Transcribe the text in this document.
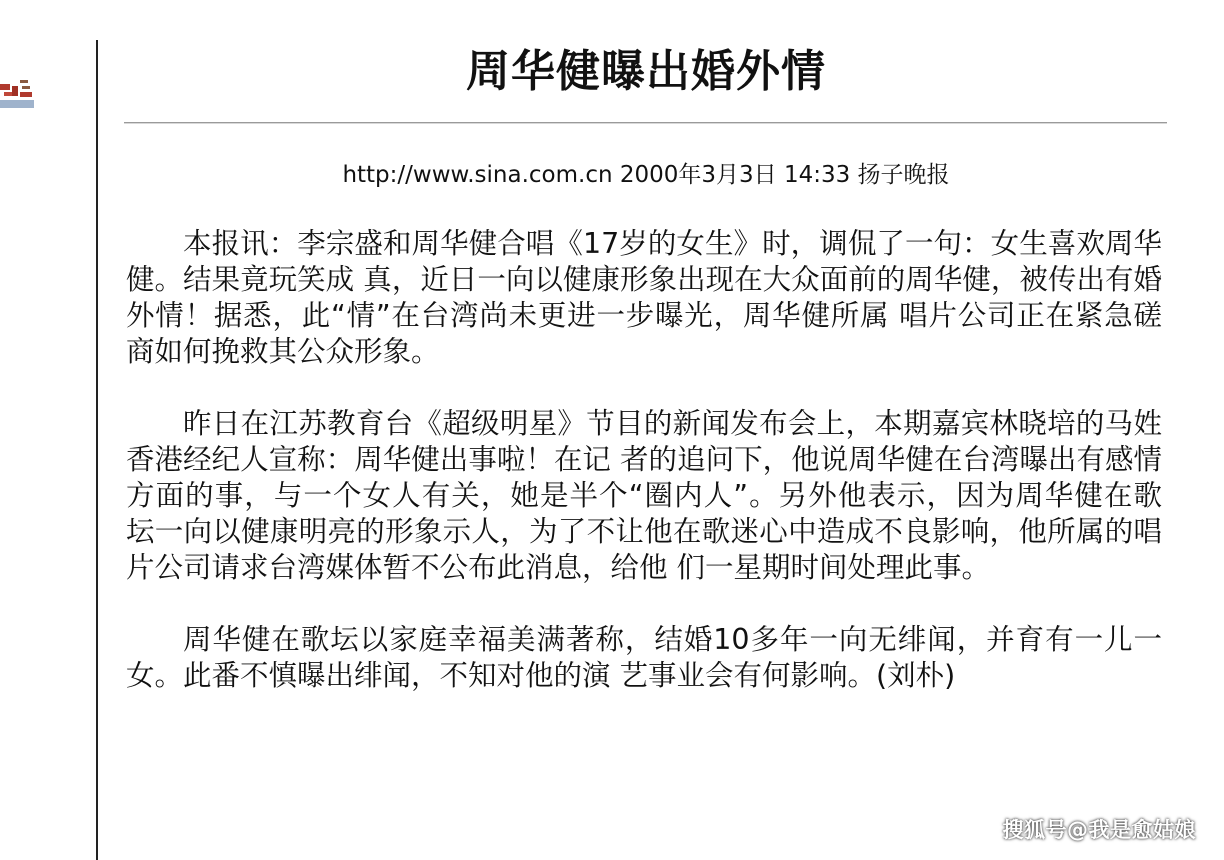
周华健曝出婚外情
http://www.sina.com.cn 2000年3月3日 14:33 扬子晚报

本报讯：李宗盛和周华健合唱《17岁的女生》时，调侃了一句：女生喜欢周华健。结果竟玩笑成 真，近日一向以健康形象出现在大众面前的周华健，被传出有婚外情！据悉，此“情”在台湾尚未更进一步曝光，周华健所属 唱片公司正在紧急磋商如何挽救其公众形象。

昨日在江苏教育台《超级明星》节目的新闻发布会上，本期嘉宾林晓培的马姓香港经纪人宣称：周华健出事啦！在记 者的追问下，他说周华健在台湾曝出有感情方面的事，与一个女人有关，她是半个“圈内人”。另外他表示，因为周华健在歌 坛一向以健康明亮的形象示人，为了不让他在歌迷心中造成不良影响，他所属的唱片公司请求台湾媒体暂不公布此消息，给他 们一星期时间处理此事。

周华健在歌坛以家庭幸福美满著称，结婚10多年一向无绯闻，并育有一儿一女。此番不慎曝出绯闻，不知对他的演 艺事业会有何影响。(刘朴)

搜狐号@我是愈姑娘
